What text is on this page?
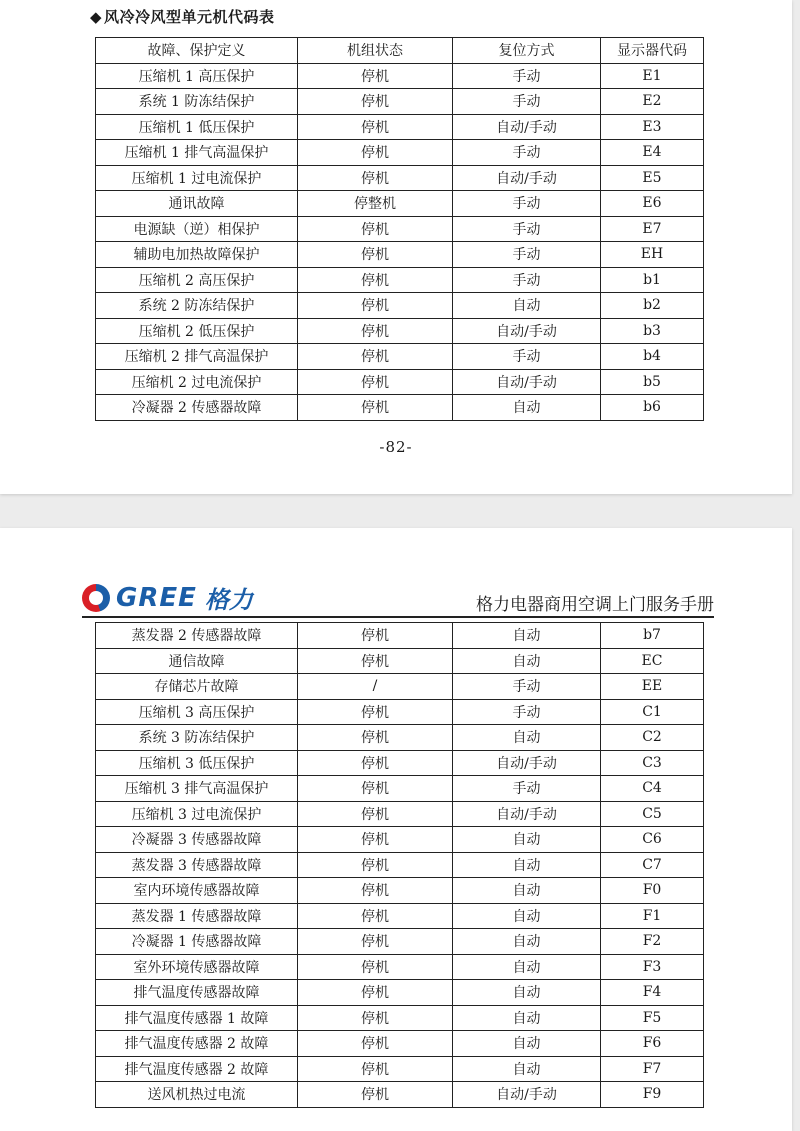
◆ 风冷冷风型单元机代码表
故障、保护定义	机组状态	复位方式	显示器代码
压缩机 1 高压保护	停机	手动	E1
系统 1 防冻结保护	停机	手动	E2
压缩机 1 低压保护	停机	自动/手动	E3
压缩机 1 排气高温保护	停机	手动	E4
压缩机 1 过电流保护	停机	自动/手动	E5
通讯故障	停整机	手动	E6
电源缺（逆）相保护	停机	手动	E7
辅助电加热故障保护	停机	手动	EH
压缩机 2 高压保护	停机	手动	b1
系统 2 防冻结保护	停机	自动	b2
压缩机 2 低压保护	停机	自动/手动	b3
压缩机 2 排气高温保护	停机	手动	b4
压缩机 2 过电流保护	停机	自动/手动	b5
冷凝器 2 传感器故障	停机	自动	b6
-82-
GREE 格力	格力电器商用空调上门服务手册
蒸发器 2 传感器故障	停机	自动	b7
通信故障	停机	自动	EC
存储芯片故障	/	手动	EE
压缩机 3 高压保护	停机	手动	C1
系统 3 防冻结保护	停机	自动	C2
压缩机 3 低压保护	停机	自动/手动	C3
压缩机 3 排气高温保护	停机	手动	C4
压缩机 3 过电流保护	停机	自动/手动	C5
冷凝器 3 传感器故障	停机	自动	C6
蒸发器 3 传感器故障	停机	自动	C7
室内环境传感器故障	停机	自动	F0
蒸发器 1 传感器故障	停机	自动	F1
冷凝器 1 传感器故障	停机	自动	F2
室外环境传感器故障	停机	自动	F3
排气温度传感器故障	停机	自动	F4
排气温度传感器 1 故障	停机	自动	F5
排气温度传感器 2 故障	停机	自动	F6
排气温度传感器 2 故障	停机	自动	F7
送风机热过电流	停机	自动/手动	F9
